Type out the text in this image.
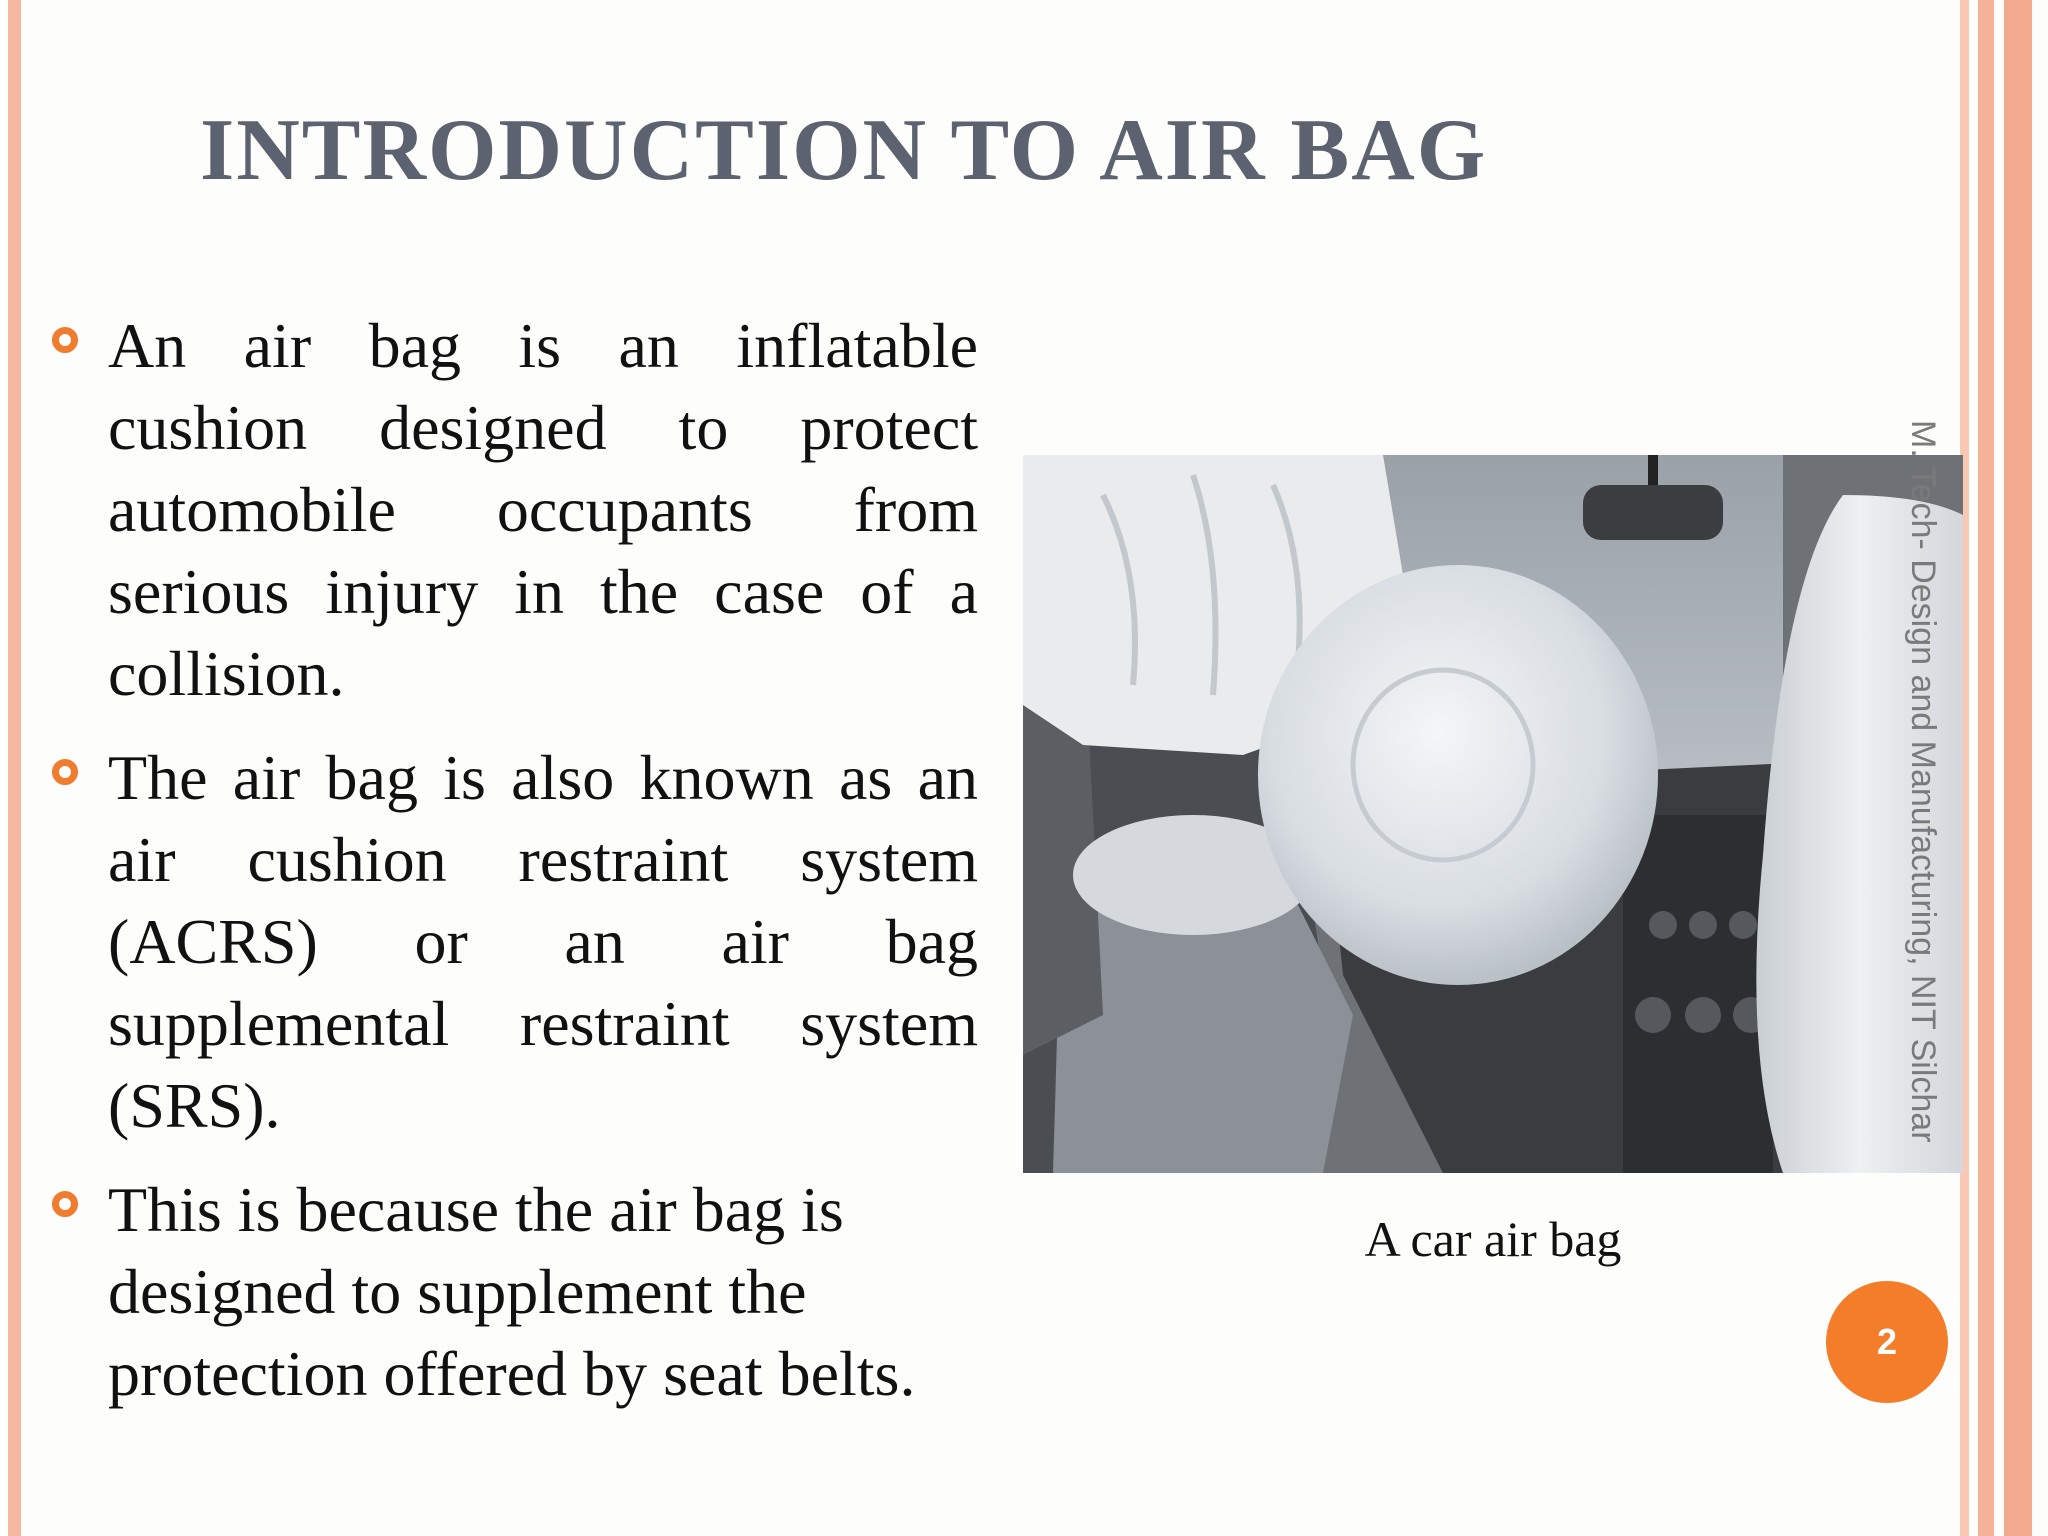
INTRODUCTION TO AIR BAG
An air bag is an inflatable cushion designed to protect automobile occupants from serious injury in the case of a collision.
The air bag is also known as an air cushion restraint system (ACRS) or an air bag supplemental restraint system (SRS).
This is because the air bag is designed to supplement the protection offered by seat belts.
A car air bag
M. Tech- Design and Manufacturing, NIT Silchar
2
